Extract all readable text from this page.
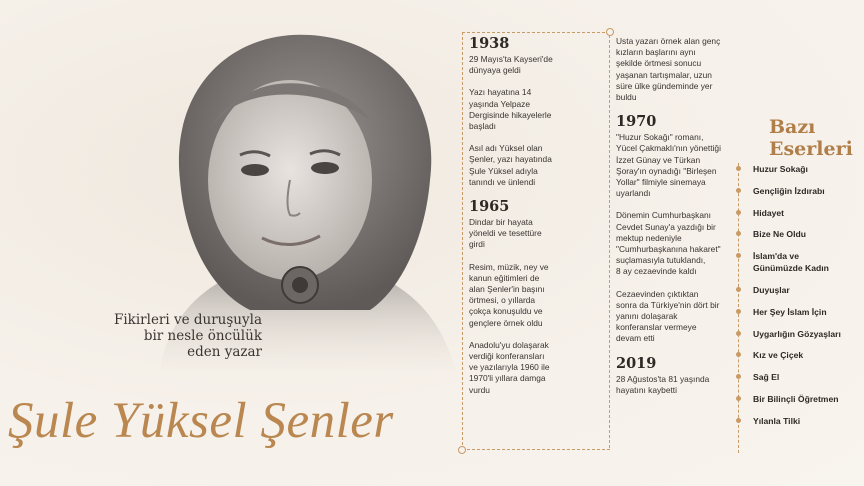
Fikirleri ve duruşuyla
bir nesle öncülük
eden yazar
Şule Yüksel Şenler
1938
29 Mayıs'ta Kayseri'de
dünyaya geldi
Yazı hayatına 14
yaşında Yelpaze
Dergisinde hikayelerle
başladı
Asıl adı Yüksel olan
Şenler, yazı hayatında
Şule Yüksel adıyla
tanındı ve ünlendi
1965
Dindar bir hayata
yöneldi ve tesettüre
girdi
Resim, müzik, ney ve
kanun eğitimleri de
alan Şenler'in başını
örtmesi, o yıllarda
çokça konuşuldu ve
gençlere örnek oldu
Anadolu'yu dolaşarak
verdiği konferansları
ve yazılarıyla 1960 ile
1970'li yıllara damga
vurdu
Usta yazarı örnek alan genç
kızların başlarını aynı
şekilde örtmesi sonucu
yaşanan tartışmalar, uzun
süre ülke gündeminde yer
buldu
1970
"Huzur Sokağı" romanı,
Yücel Çakmaklı'nın yönettiği
İzzet Günay ve Türkan
Şoray'ın oynadığı "Birleşen
Yollar" filmiyle sinemaya
uyarlandı
Dönemin Cumhurbaşkanı
Cevdet Sunay'a yazdığı bir
mektup nedeniyle
"Cumhurbaşkanına hakaret"
suçlamasıyla tutuklandı,
8 ay cezaevinde kaldı
Cezaevinden çıktıktan
sonra da Türkiye'nin dört bir
yanını dolaşarak
konferanslar vermeye
devam etti
2019
28 Ağustos'ta 81 yaşında
hayatını kaybetti
Bazı
Eserleri
Huzur Sokağı
Gençliğin İzdırabı
Hidayet
Bize Ne Oldu
İslam'da ve
Günümüzde Kadın
Duyuşlar
Her Şey İslam İçin
Uygarlığın Gözyaşları
Kız ve Çiçek
Sağ El
Bir Bilinçli Öğretmen
Yılanla Tilki
